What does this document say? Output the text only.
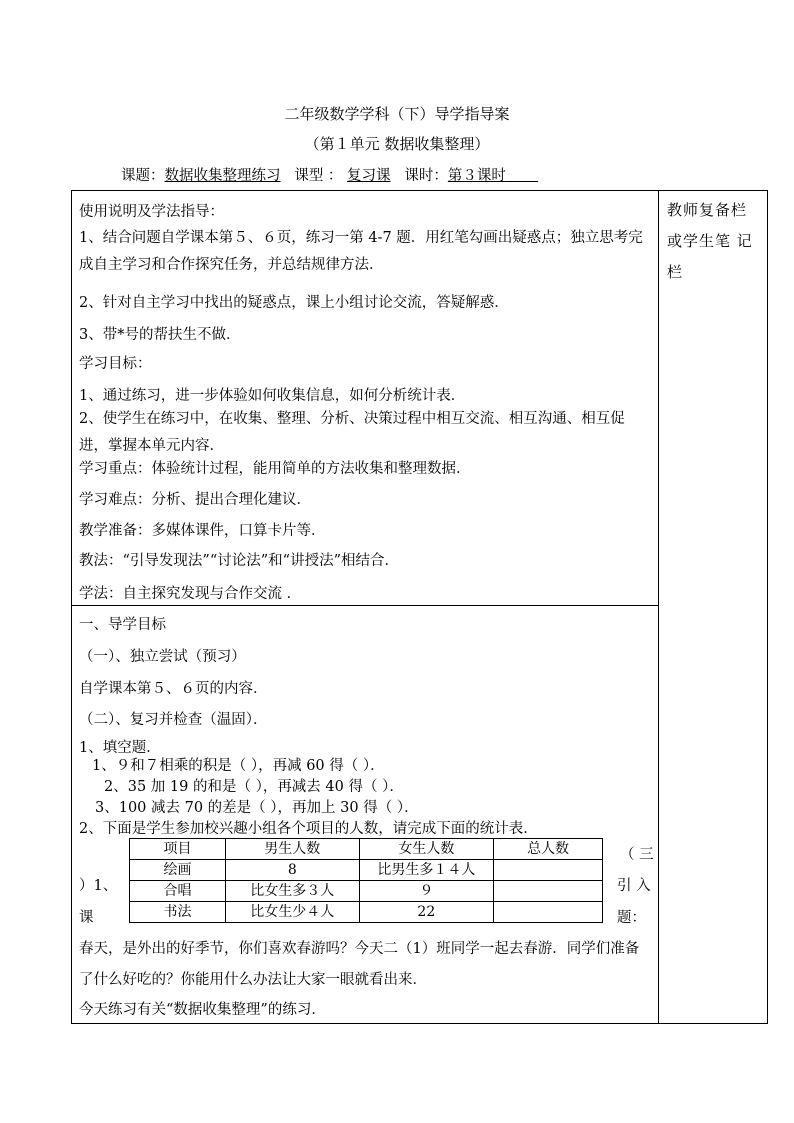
二年级数学学科（下）导学指导案
（第１单元 数据收集整理）
课题：数据收集整理练习 课型 ： 复习课 课时：第３课时
教师复备栏
或学生笔 记
栏
使用说明及学法指导：
1、结合问题自学课本第５、６页，练习一第 4-7 题．用红笔勾画出疑惑点；独立思考完成自主学习和合作探究任务，并总结规律方法．
2、针对自主学习中找出的疑惑点，课上小组讨论交流，答疑解惑．
3、带*号的帮扶生不做．
学习目标：
1、通过练习，进一步体验如何收集信息，如何分析统计表．
2、使学生在练习中，在收集、整理、分析、决策过程中相互交流、相互沟通、相互促进，掌握本单元内容．
学习重点：体验统计过程，能用简单的方法收集和整理数据．
学习难点：分析、提出合理化建议．
教学准备：多媒体课件，口算卡片等．
教法：“引导发现法”“讨论法”和“讲授法”相结合．
学法：自主探究发现与合作交流 ．
一、导学目标
（一）、独立尝试（预习）
自学课本第５、６页的内容．
（二）、复习并检查（温固）．
1、填空题．
1、９和７相乘的积是（ ），再减 60 得（ ）．
2、35 加 19 的和是（ ），再减去 40 得（ ）．
3、100 减去 70 的差是（ ），再加上 30 得（ ）．
2、下面是学生参加校兴趣小组各个项目的人数，请完成下面的统计表．
项目	男生人数	女生人数	总人数
绘画	8	比男生多１４人	
合唱	比女生多３人	９	
书法	比女生少４人	22	
）1、
课
（ 三
引 入
题：
春天，是外出的好季节，你们喜欢春游吗？今天二（1）班同学一起去春游．同学们准备了什么好吃的？你能用什么办法让大家一眼就看出来．
今天练习有关“数据收集整理”的练习．
